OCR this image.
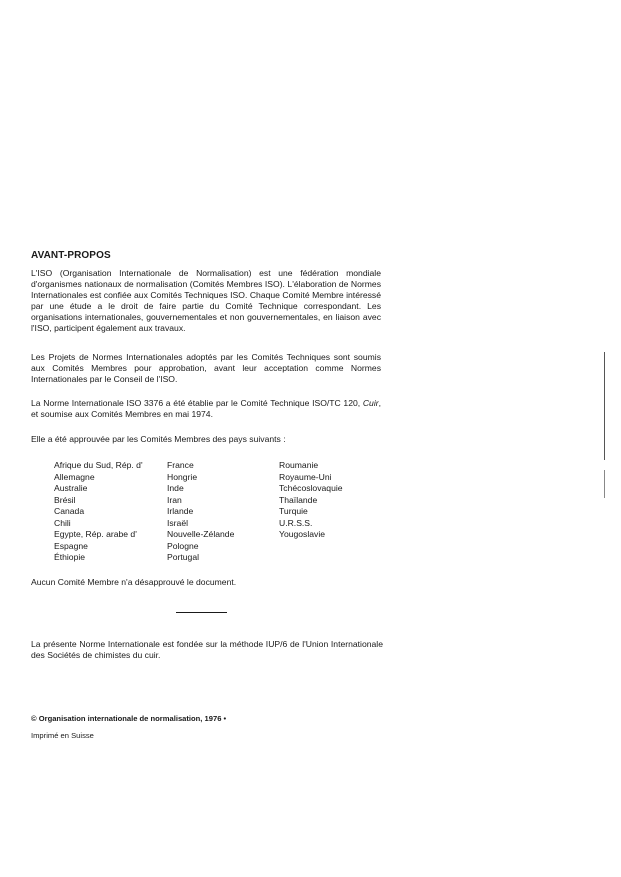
AVANT-PROPOS

L'ISO (Organisation Internationale de Normalisation) est une fédération mondiale d'organismes nationaux de normalisation (Comités Membres ISO). L'élaboration de Normes Internationales est confiée aux Comités Techniques ISO. Chaque Comité Membre intéressé par une étude a le droit de faire partie du Comité Technique correspondant. Les organisations internationales, gouvernementales et non gouvernementales, en liaison avec l'ISO, participent également aux travaux.

Les Projets de Normes Internationales adoptés par les Comités Techniques sont soumis aux Comités Membres pour approbation, avant leur acceptation comme Normes Internationales par le Conseil de l'ISO.

La Norme Internationale ISO 3376 a été établie par le Comité Technique ISO/TC 120, Cuir, et soumise aux Comités Membres en mai 1974.

Elle a été approuvée par les Comités Membres des pays suivants :

Afrique du Sud, Rép. d'
Allemagne
Australie
Brésil
Canada
Chili
Egypte, Rép. arabe d'
Espagne
Éthiopie
France
Hongrie
Inde
Iran
Irlande
Israël
Nouvelle-Zélande
Pologne
Portugal
Roumanie
Royaume-Uni
Tchécoslovaquie
Thaïlande
Turquie
U.R.S.S.
Yougoslavie
Aucun Comité Membre n'a désapprouvé le document.

La présente Norme Internationale est fondée sur la méthode IUP/6 de l'Union Internationale des Sociétés de chimistes du cuir.

© Organisation internationale de normalisation, 1976 •
Imprimé en Suisse
